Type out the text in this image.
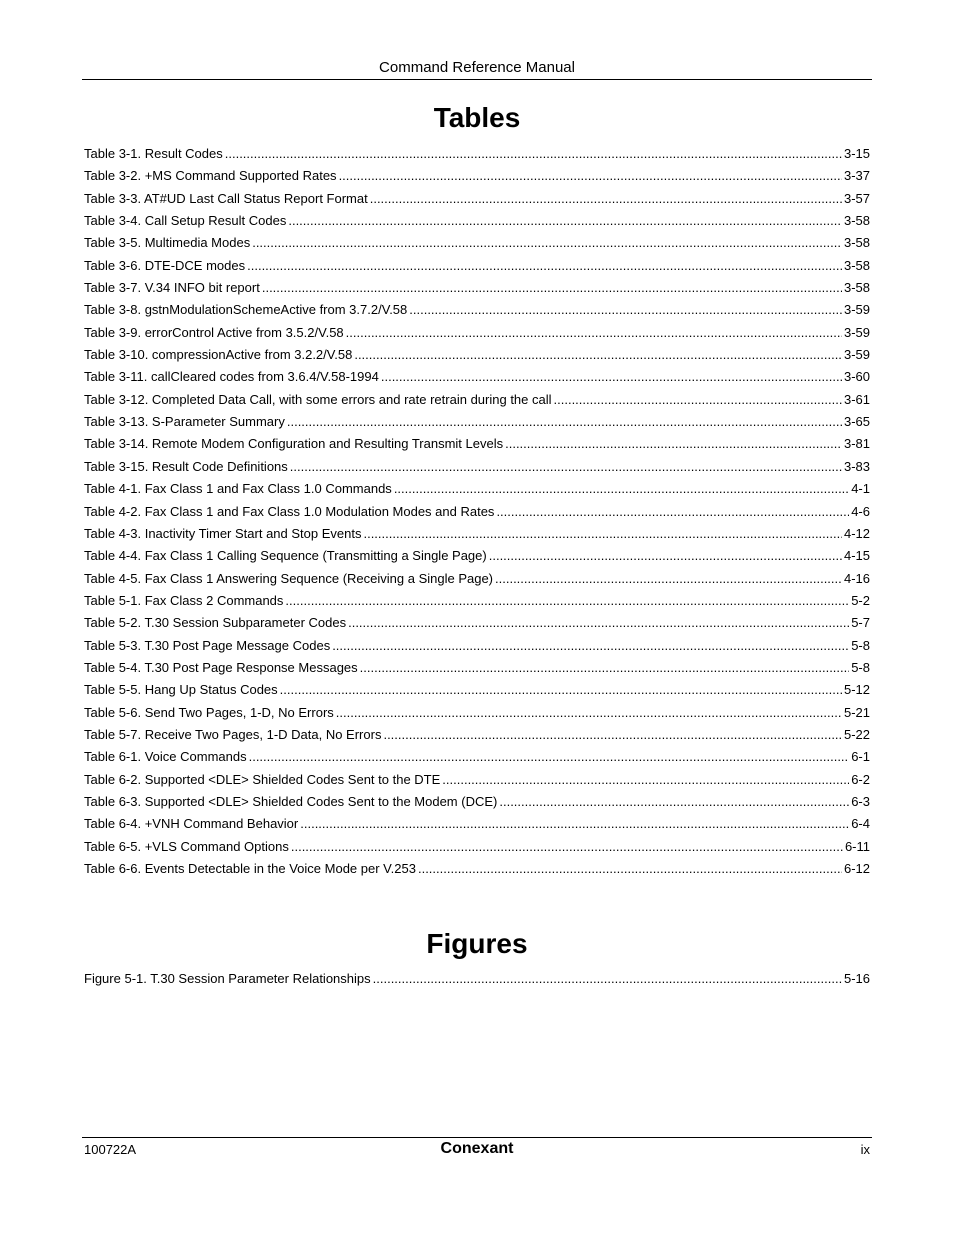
Command Reference Manual
Tables
Table 3-1. Result Codes .....	3-15
Table 3-2. +MS Command Supported Rates .....	3-37
Table 3-3. AT#UD Last Call Status Report Format .....	3-57
Table 3-4. Call Setup Result Codes .....	3-58
Table 3-5. Multimedia Modes .....	3-58
Table 3-6. DTE-DCE modes .....	3-58
Table 3-7. V.34 INFO bit report .....	3-58
Table 3-8. gstnModulationSchemeActive from 3.7.2/V.58 .....	3-59
Table 3-9. errorControl Active from 3.5.2/V.58 .....	3-59
Table 3-10. compressionActive from 3.2.2/V.58 .....	3-59
Table 3-11. callCleared codes from 3.6.4/V.58-1994 .....	3-60
Table 3-12. Completed Data Call, with some errors and rate retrain during the call .....	3-61
Table 3-13. S-Parameter Summary .....	3-65
Table 3-14. Remote Modem Configuration and Resulting Transmit Levels .....	3-81
Table 3-15. Result Code Definitions .....	3-83
Table 4-1. Fax Class 1 and Fax Class 1.0 Commands .....	4-1
Table 4-2. Fax Class 1 and Fax Class 1.0 Modulation Modes and Rates .....	4-6
Table 4-3. Inactivity Timer Start and Stop Events .....	4-12
Table 4-4. Fax Class 1 Calling Sequence (Transmitting a Single Page) .....	4-15
Table 4-5. Fax Class 1 Answering Sequence (Receiving a Single Page) .....	4-16
Table 5-1. Fax Class 2 Commands .....	5-2
Table 5-2. T.30 Session Subparameter Codes .....	5-7
Table 5-3. T.30 Post Page Message Codes .....	5-8
Table 5-4. T.30 Post Page Response Messages .....	5-8
Table 5-5. Hang Up Status Codes .....	5-12
Table 5-6. Send Two Pages, 1-D, No Errors .....	5-21
Table 5-7. Receive Two Pages, 1-D Data, No Errors .....	5-22
Table 6-1. Voice Commands .....	6-1
Table 6-2. Supported <DLE> Shielded Codes Sent to the DTE .....	6-2
Table 6-3. Supported <DLE> Shielded Codes Sent to the Modem (DCE) .....	6-3
Table 6-4. +VNH Command Behavior .....	6-4
Table 6-5. +VLS Command Options .....	6-11
Table 6-6. Events Detectable in the Voice Mode per V.253 .....	6-12
Figures
Figure 5-1. T.30 Session Parameter Relationships .....	5-16
100722A	Conexant	ix
